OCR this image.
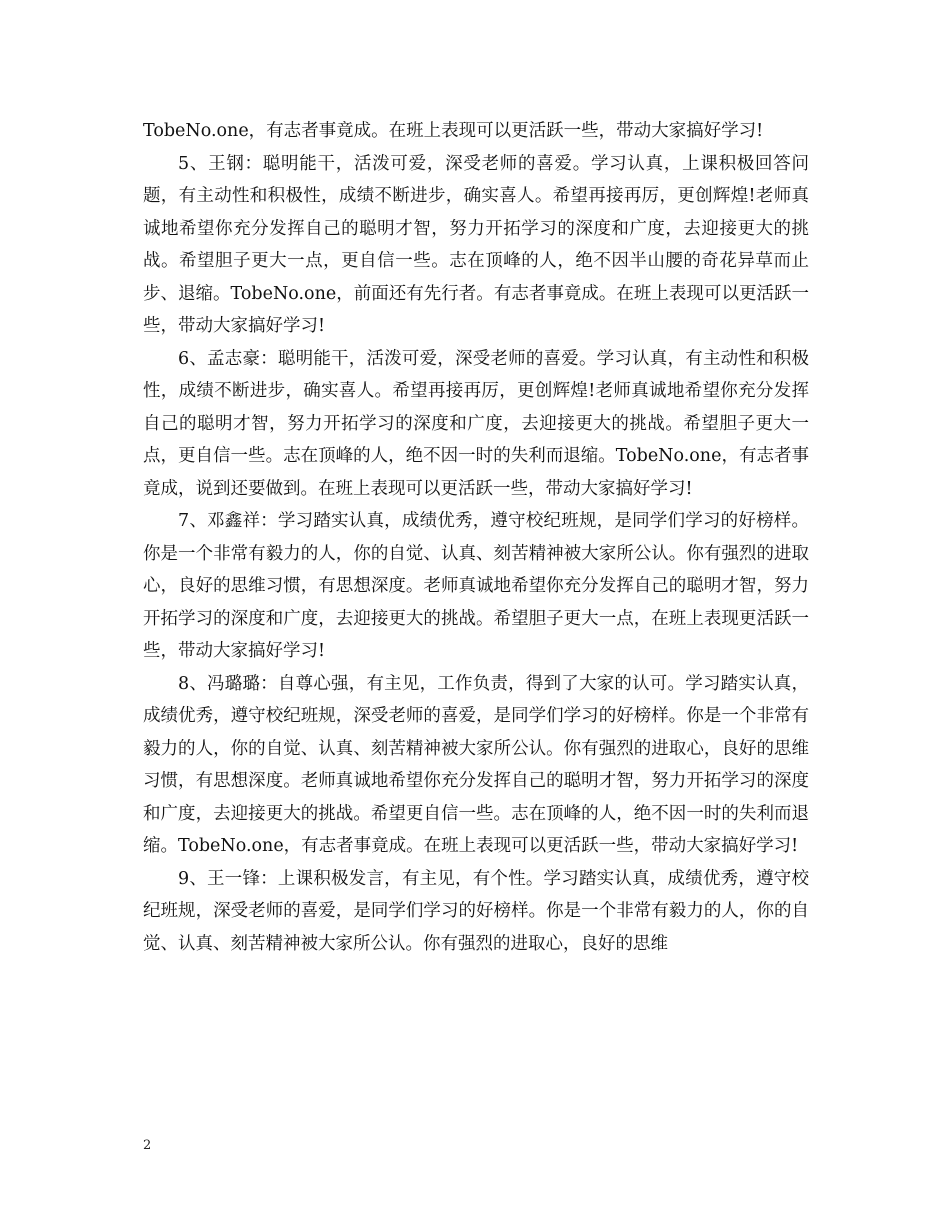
TobeNo.one，有志者事竟成。在班上表现可以更活跃一些，带动大家搞好学习!

5、王钢：聪明能干，活泼可爱，深受老师的喜爱。学习认真，上课积极回答问题，有主动性和积极性，成绩不断进步，确实喜人。希望再接再厉，更创辉煌!老师真诚地希望你充分发挥自己的聪明才智，努力开拓学习的深度和广度，去迎接更大的挑战。希望胆子更大一点，更自信一些。志在顶峰的人，绝不因半山腰的奇花异草而止步、退缩。TobeNo.one，前面还有先行者。有志者事竟成。在班上表现可以更活跃一些，带动大家搞好学习!

6、孟志豪：聪明能干，活泼可爱，深受老师的喜爱。学习认真，有主动性和积极性，成绩不断进步，确实喜人。希望再接再厉，更创辉煌!老师真诚地希望你充分发挥自己的聪明才智，努力开拓学习的深度和广度，去迎接更大的挑战。希望胆子更大一点，更自信一些。志在顶峰的人，绝不因一时的失利而退缩。TobeNo.one，有志者事竟成，说到还要做到。在班上表现可以更活跃一些，带动大家搞好学习!

7、邓鑫祥：学习踏实认真，成绩优秀，遵守校纪班规，是同学们学习的好榜样。你是一个非常有毅力的人，你的自觉、认真、刻苦精神被大家所公认。你有强烈的进取心，良好的思维习惯，有思想深度。老师真诚地希望你充分发挥自己的聪明才智，努力开拓学习的深度和广度，去迎接更大的挑战。希望胆子更大一点，在班上表现更活跃一些，带动大家搞好学习!

8、冯璐璐：自尊心强，有主见，工作负责，得到了大家的认可。学习踏实认真，成绩优秀，遵守校纪班规，深受老师的喜爱，是同学们学习的好榜样。你是一个非常有毅力的人，你的自觉、认真、刻苦精神被大家所公认。你有强烈的进取心，良好的思维习惯，有思想深度。老师真诚地希望你充分发挥自己的聪明才智，努力开拓学习的深度和广度，去迎接更大的挑战。希望更自信一些。志在顶峰的人，绝不因一时的失利而退缩。TobeNo.one，有志者事竟成。在班上表现可以更活跃一些，带动大家搞好学习!

9、王一锋：上课积极发言，有主见，有个性。学习踏实认真，成绩优秀，遵守校纪班规，深受老师的喜爱，是同学们学习的好榜样。你是一个非常有毅力的人，你的自觉、认真、刻苦精神被大家所公认。你有强烈的进取心，良好的思维

2
